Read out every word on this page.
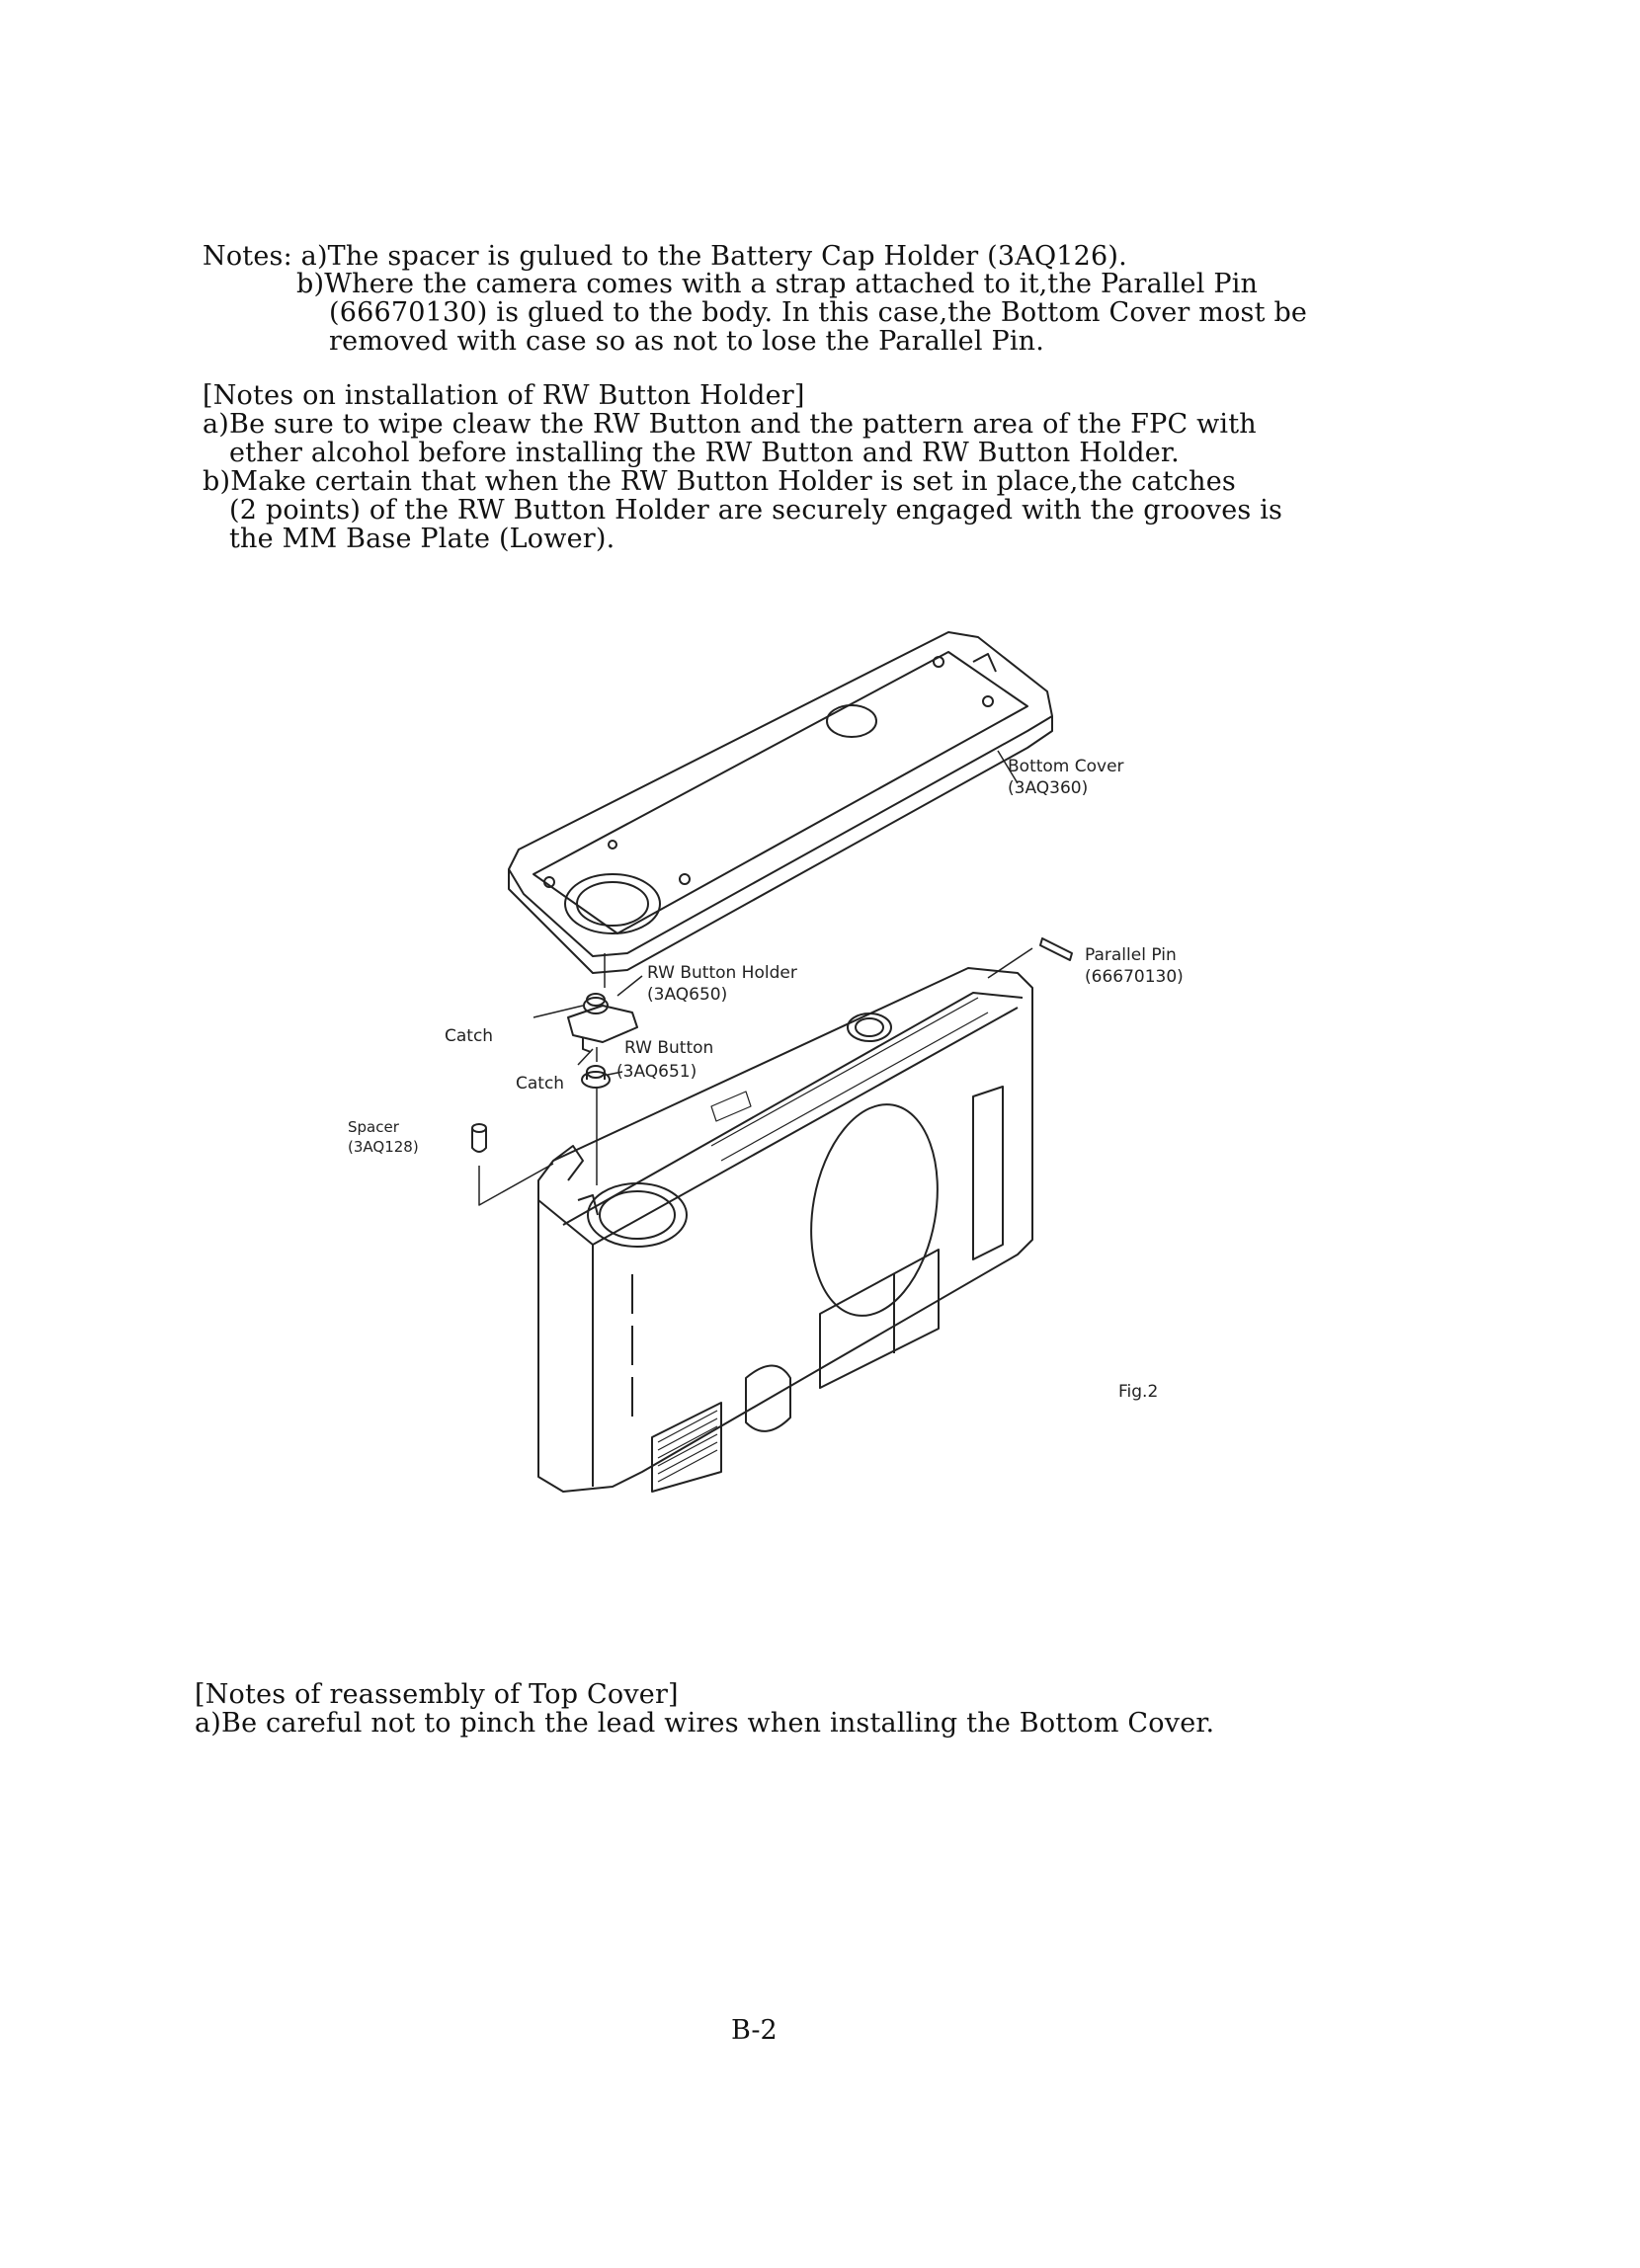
Notes: a)The spacer is gulued to the Battery Cap Holder (3AQ126).
b)Where the camera comes with a strap attached to it,the Parallel Pin
(66670130) is glued to the body. In this case,the Bottom Cover most be
removed with case so as not to lose the Parallel Pin.
[Notes on installation of RW Button Holder]
a)Be sure to wipe cleaw the RW Button and the pattern area of the FPC with
ether alcohol before installing the RW Button and RW Button Holder.
b)Make certain that when the RW Button Holder is set in place,the catches
(2 points) of the RW Button Holder are securely engaged with the grooves is
the MM Base Plate (Lower).
Bottom Cover
(3AQ360)
Parallel Pin
(66670130)
RW Button Holder
(3AQ650)
RW Button
(3AQ651)
Catch
Catch
Spacer
(3AQ128)
Fig.2
[Notes of reassembly of Top Cover]
a)Be careful not to pinch the lead wires when installing the Bottom Cover.
B-2
